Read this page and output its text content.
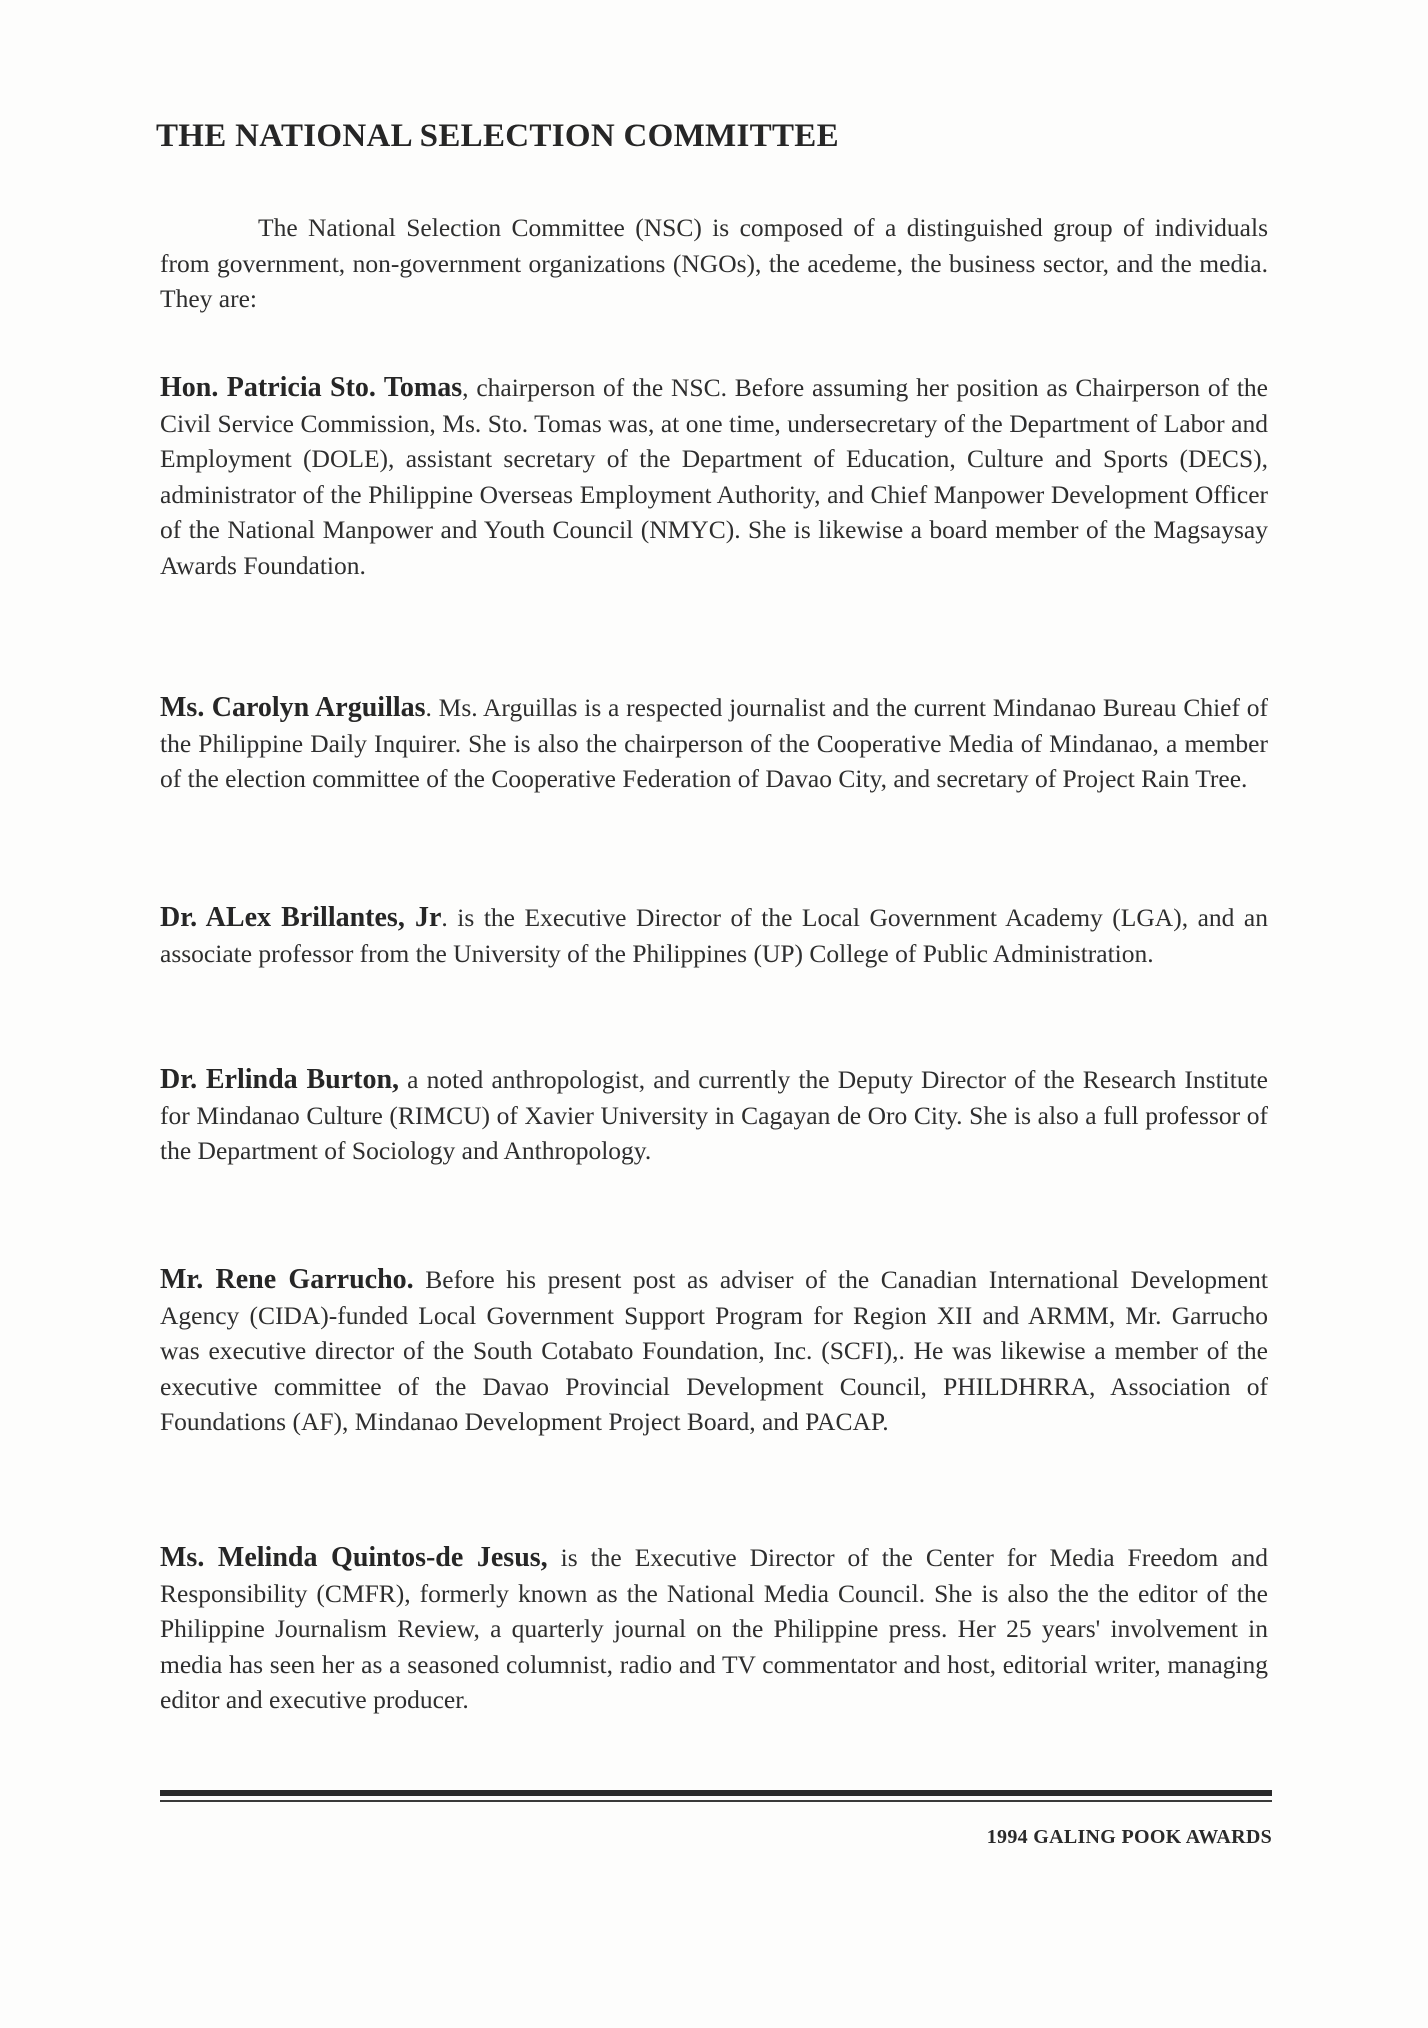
THE NATIONAL SELECTION COMMITTEE

The National Selection Committee (NSC) is composed of a distinguished group of individuals from government, non-government organizations (NGOs), the acedeme, the business sector, and the media. They are:

Hon. Patricia Sto. Tomas, chairperson of the NSC. Before assuming her position as Chairperson of the Civil Service Commission, Ms. Sto. Tomas was, at one time, undersecretary of the Department of Labor and Employment (DOLE), assistant secretary of the Department of Education, Culture and Sports (DECS), administrator of the Philippine Overseas Employment Authority, and Chief Manpower Development Officer of the National Manpower and Youth Council (NMYC). She is likewise a board member of the Magsaysay Awards Foundation.

Ms. Carolyn Arguillas. Ms. Arguillas is a respected journalist and the current Mindanao Bureau Chief of the Philippine Daily Inquirer. She is also the chairperson of the Cooperative Media of Mindanao, a member of the election committee of the Cooperative Federation of Davao City, and secretary of Project Rain Tree.

Dr. ALex Brillantes, Jr. is the Executive Director of the Local Government Academy (LGA), and an associate professor from the University of the Philippines (UP) College of Public Administration.

Dr. Erlinda Burton, a noted anthropologist, and currently the Deputy Director of the Research Institute for Mindanao Culture (RIMCU) of Xavier University in Cagayan de Oro City. She is also a full professor of the Department of Sociology and Anthropology.

Mr. Rene Garrucho. Before his present post as adviser of the Canadian International Development Agency (CIDA)-funded Local Government Support Program for Region XII and ARMM, Mr. Garrucho was executive director of the South Cotabato Foundation, Inc. (SCFI),. He was likewise a member of the executive committee of the Davao Provincial Development Council, PHILDHRRA, Association of Foundations (AF), Mindanao Development Project Board, and PACAP.

Ms. Melinda Quintos-de Jesus, is the Executive Director of the Center for Media Freedom and Responsibility (CMFR), formerly known as the National Media Council. She is also the the editor of the Philippine Journalism Review, a quarterly journal on the Philippine press. Her 25 years' involvement in media has seen her as a seasoned columnist, radio and TV commentator and host, editorial writer, managing editor and executive producer.

1994 GALING POOK AWARDS
